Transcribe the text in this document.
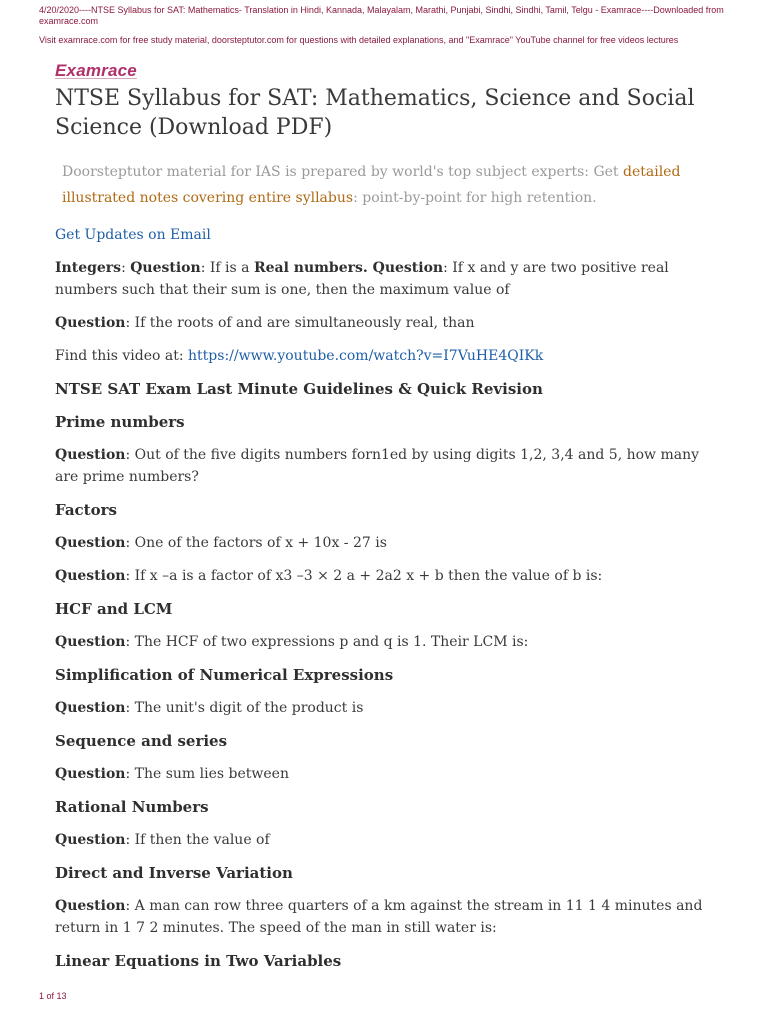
4/20/2020----NTSE Syllabus for SAT: Mathematics- Translation in Hindi, Kannada, Malayalam, Marathi, Punjabi, Sindhi, Sindhi, Tamil, Telgu - Examrace----Downloaded from examrace.com
Visit examrace.com for free study material, doorsteptutor.com for questions with detailed explanations, and "Examrace" YouTube channel for free videos lectures
Examrace
NTSE Syllabus for SAT: Mathematics, Science and Social Science (Download PDF)
Doorsteptutor material for IAS is prepared by world's top subject experts: Get detailed illustrated notes covering entire syllabus: point-by-point for high retention.

Get Updates on Email

Integers: Question: If is a Real numbers. Question: If x and y are two positive real numbers such that their sum is one, then the maximum value of

Question: If the roots of and are simultaneously real, than

Find this video at: https://www.youtube.com/watch?v=I7VuHE4QIKk

NTSE SAT Exam Last Minute Guidelines & Quick Revision

Prime numbers

Question: Out of the five digits numbers forn1ed by using digits 1,2, 3,4 and 5, how many are prime numbers?

Factors

Question: One of the factors of x + 10x - 27 is

Question: If x –a is a factor of x3 –3 × 2 a + 2a2 x + b then the value of b is:

HCF and LCM

Question: The HCF of two expressions p and q is 1. Their LCM is:

Simplification of Numerical Expressions

Question: The unit's digit of the product is

Sequence and series

Question: The sum lies between

Rational Numbers

Question: If then the value of

Direct and Inverse Variation

Question: A man can row three quarters of a km against the stream in 11 1 4 minutes and return in 1 7 2 minutes. The speed of the man in still water is:

Linear Equations in Two Variables

1 of 13
